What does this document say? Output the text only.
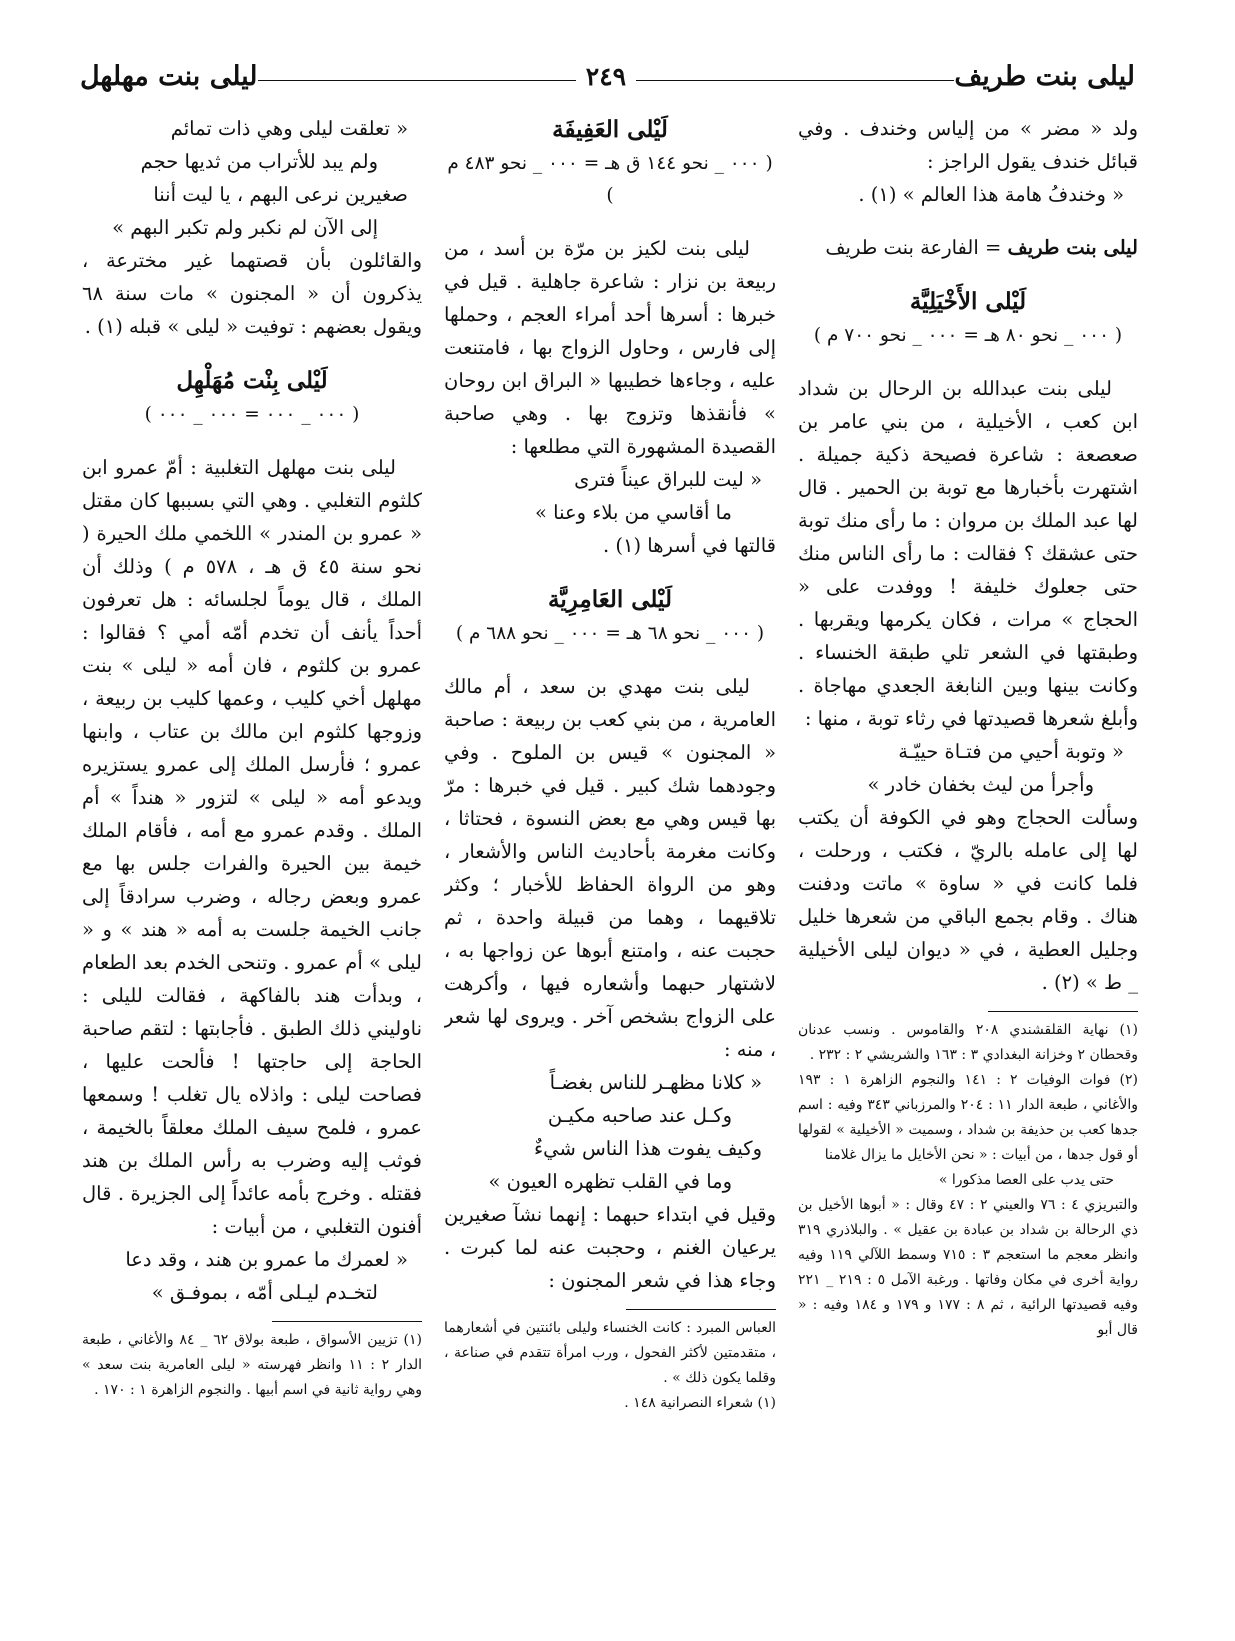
ليلى بنت طريف
٢٤٩
ليلى بنت مهلهل

ولد « مضر » من إلياس وخندف . وفي قبائل خندف يقول الراجز :

« وخندفُ هامة هذا العالم » (١) .

ليلى بنت طريف = الفارعة بنت طريف

لَيْلى الأَخْيَلِيَّة

( ٠٠٠ _ نحو ٨٠ هـ = ٠٠٠ _ نحو ٧٠٠ م )

ليلى بنت عبدالله بن الرحال بن شداد ابن كعب ، الأخيلية ، من بني عامر بن صعصعة : شاعرة فصيحة ذكية جميلة . اشتهرت بأخبارها مع توبة بن الحمير . قال لها عبد الملك بن مروان : ما رأى منك توبة حتى عشقك ؟ فقالت : ما رأى الناس منك حتى جعلوك خليفة ! ووفدت على « الحجاج » مرات ، فكان يكرمها ويقربها . وطبقتها في الشعر تلي طبقة الخنساء . وكانت بينها وبين النابغة الجعدي مهاجاة . وأبلغ شعرها قصيدتها في رثاء توبة ، منها :

« وتوبة أحيي من فتـاة حييّـة

وأجرأ من ليث بخفان خادر »

وسألت الحجاج وهو في الكوفة أن يكتب لها إلى عامله بالريّ ، فكتب ، ورحلت ، فلما كانت في « ساوة » ماتت ودفنت هناك . وقام بجمع الباقي من شعرها خليل وجليل العطية ، في « ديوان ليلى الأخيلية _ ط » (٢) .

(١) نهاية القلقشندي ٢٠٨ والقاموس . ونسب عدنان وقحطان ٢ وخزانة البغدادي ٣ : ١٦٣ والشريشي ٢ : ٢٣٢ .

(٢) فوات الوفيات ٢ : ١٤١ والنجوم الزاهرة ١ : ١٩٣ والأغاني ، طبعة الدار ١١ : ٢٠٤ والمرزباني ٣٤٣ وفيه : اسم جدها كعب بن حذيفة بن شداد ، وسميت « الأخيلية » لقولها أو قول جدها ، من أبيات : « نحن الأخايل ما يزال غلامنا

حتى يدب على العصا مذكورا »

والتبريزي ٤ : ٧٦ والعيني ٢ : ٤٧ وقال : « أبوها الأخيل بن ذي الرحالة بن شداد بن عبادة بن عقيل » . والبلاذري ٣١٩ وانظر معجم ما استعجم ٣ : ٧١٥ وسمط اللآلي ١١٩ وفيه رواية أخرى في مكان وفاتها . ورغبة الآمل ٥ : ٢١٩ _ ٢٢١ وفيه قصيدتها الرائية ، ثم ٨ : ١٧٧ و ١٧٩ و ١٨٤ وفيه : « قال أبو

لَيْلى العَفِيفَة

( ٠٠٠ _ نحو ١٤٤ ق هـ = ٠٠٠ _ نحو ٤٨٣ م )

ليلى بنت لكيز بن مرّة بن أسد ، من ربيعة بن نزار : شاعرة جاهلية . قيل في خبرها : أسرها أحد أمراء العجم ، وحملها إلى فارس ، وحاول الزواج بها ، فامتنعت عليه ، وجاءها خطيبها « البراق ابن روحان » فأنقذها وتزوج بها . وهي صاحبة القصيدة المشهورة التي مطلعها :

« ليت للبراق عيناً فترى

ما أقاسي من بلاء وعنا »

قالتها في أسرها (١) .

لَيْلى العَامِرِيَّة

( ٠٠٠ _ نحو ٦٨ هـ = ٠٠٠ _ نحو ٦٨٨ م )

ليلى بنت مهدي بن سعد ، أم مالك العامرية ، من بني كعب بن ربيعة : صاحبة « المجنون » قيس بن الملوح . وفي وجودهما شك كبير . قيل في خبرها : مرّ بها قيس وهي مع بعض النسوة ، فحتاثا ، وكانت مغرمة بأحاديث الناس والأشعار ، وهو من الرواة الحفاظ للأخبار ؛ وكثر تلاقيهما ، وهما من قبيلة واحدة ، ثم حجبت عنه ، وامتنع أبوها عن زواجها به ، لاشتهار حبهما وأشعاره فيها ، وأكرهت على الزواج بشخص آخر . ويروى لها شعر ، منه :

« كلانا مظهـر للناس بغضـاً

وكـل عند صاحبه مكيـن

وكيف يفوت هذا الناس شيءٌ

وما في القلب تظهره العيون »

وقيل في ابتداء حبهما : إنهما نشآ صغيرين يرعيان الغنم ، وحجبت عنه لما كبرت . وجاء هذا في شعر المجنون :

العباس المبرد : كانت الخنساء وليلى بائنتين في أشعارهما ، متقدمتين لأكثر الفحول ، ورب امرأة تتقدم في صناعة ، وقلما يكون ذلك » .

(١) شعراء النصرانية ١٤٨ .

« تعلقت ليلى وهي ذات تمائم

ولم يبد للأتراب من ثديها حجم

صغيرين نرعى البهم ، يا ليت أننا

إلى الآن لم نكبر ولم تكبر البهم »

والقائلون بأن قصتهما غير مخترعة ، يذكرون أن « المجنون » مات سنة ٦٨ ويقول بعضهم : توفيت « ليلى » قبله (١) .

لَيْلى بِنْت مُهَلْهِل

( ٠٠٠ _ ٠٠٠ = ٠٠٠ _ ٠٠٠ )

ليلى بنت مهلهل التغلبية : أمّ عمرو ابن كلثوم التغلبي . وهي التي بسببها كان مقتل « عمرو بن المندر » اللخمي ملك الحيرة ( نحو سنة ٤٥ ق هـ ، ٥٧٨ م ) وذلك أن الملك ، قال يوماً لجلسائه : هل تعرفون أحداً يأنف أن تخدم أمّه أمي ؟ فقالوا : عمرو بن كلثوم ، فان أمه « ليلى » بنت مهلهل أخي كليب ، وعمها كليب بن ربيعة ، وزوجها كلثوم ابن مالك بن عتاب ، وابنها عمرو ؛ فأرسل الملك إلى عمرو يستزيره ويدعو أمه « ليلى » لتزور « هنداً » أم الملك . وقدم عمرو مع أمه ، فأقام الملك خيمة بين الحيرة والفرات جلس بها مع عمرو وبعض رجاله ، وضرب سرادقاً إلى جانب الخيمة جلست به أمه « هند » و « ليلى » أم عمرو . وتنحى الخدم بعد الطعام ، وبدأت هند بالفاكهة ، فقالت لليلى : ناوليني ذلك الطبق . فأجابتها : لتقم صاحبة الحاجة إلى حاجتها ! فألحت عليها ، فصاحت ليلى : واذلاه يال تغلب ! وسمعها عمرو ، فلمح سيف الملك معلقاً بالخيمة ، فوثب إليه وضرب به رأس الملك بن هند فقتله . وخرج بأمه عائداً إلى الجزيرة . قال أفنون التغلبي ، من أبيات :

« لعمرك ما عمرو بن هند ، وقد دعا

لتخـدم ليـلى أمّه ، بموفـق »

(١) تزيين الأسواق ، طبعة بولاق ٦٢ _ ٨٤ والأغاني ، طبعة الدار ٢ : ١١ وانظر فهرسته « ليلى العامرية بنت سعد » وهي رواية ثانية في اسم أبيها . والنجوم الزاهرة ١ : ١٧٠ .
